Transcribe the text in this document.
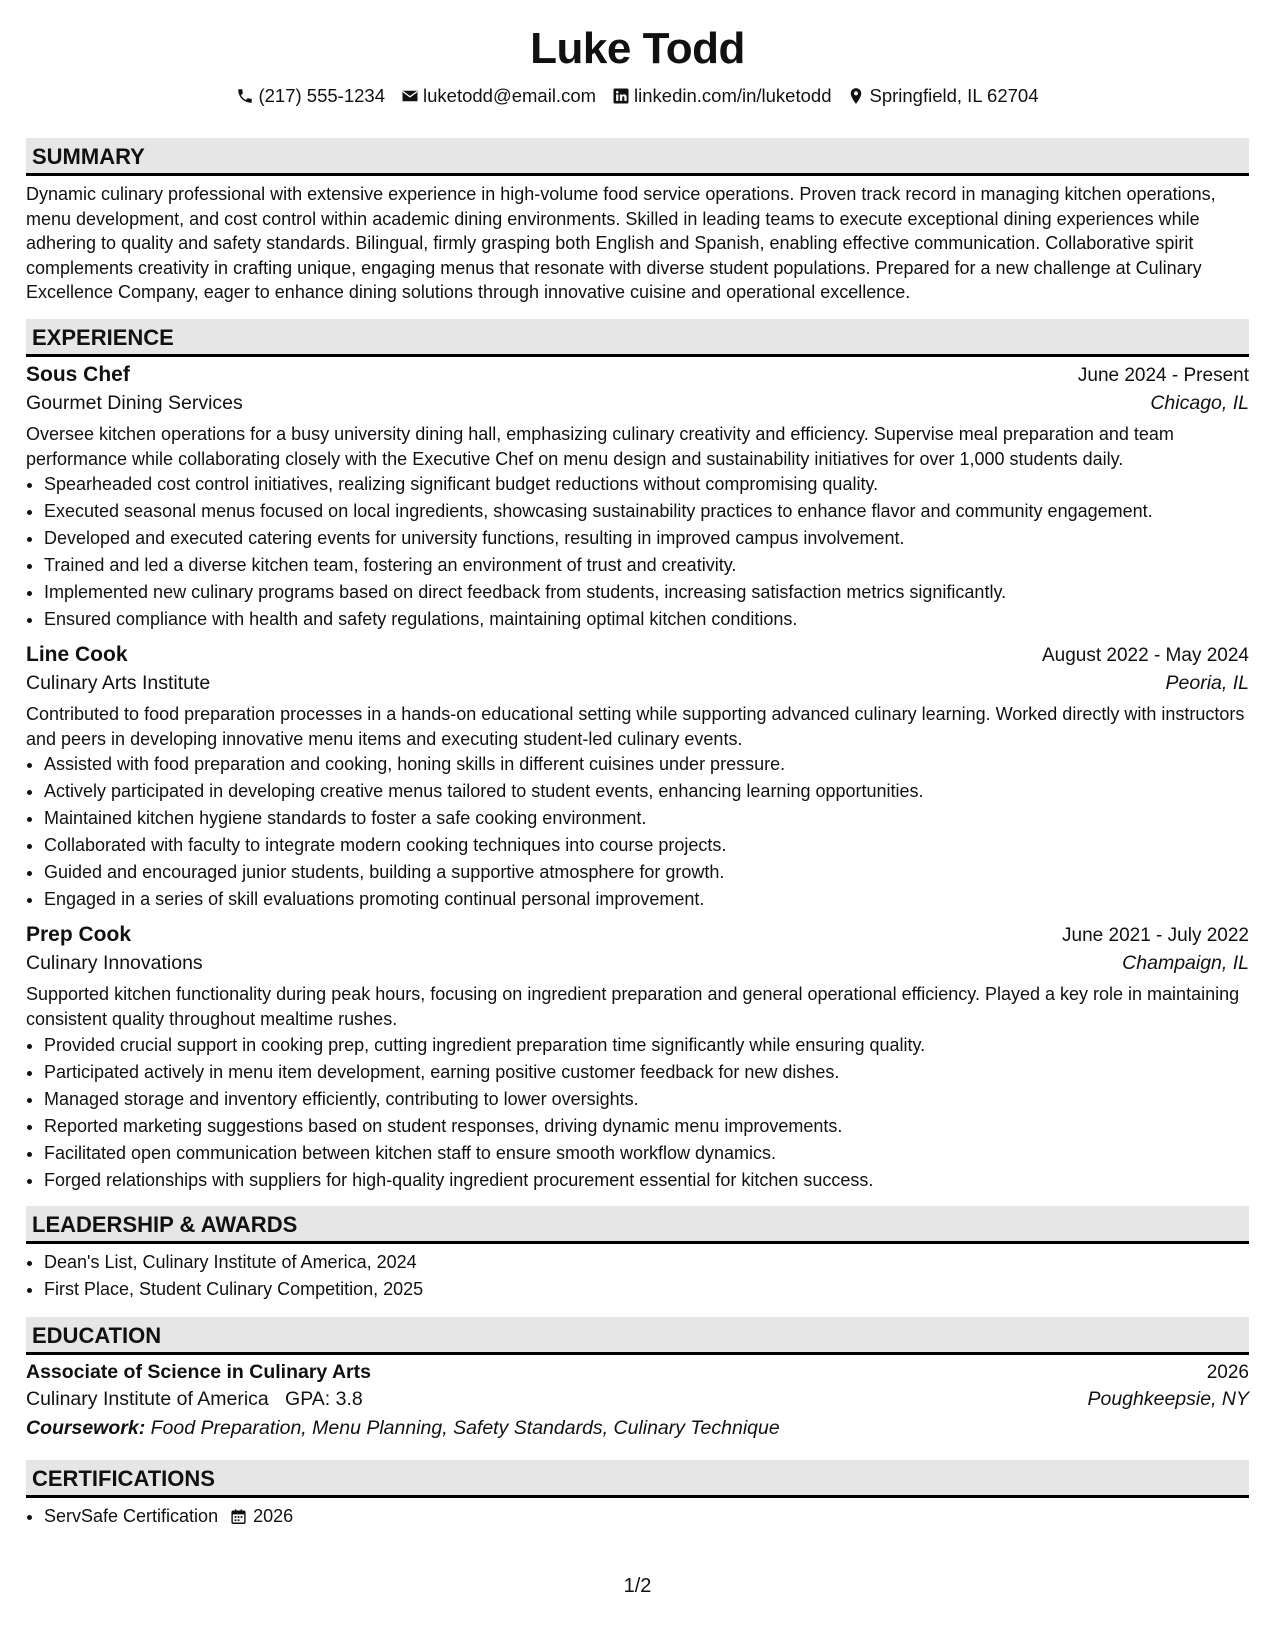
Luke Todd
(217) 555-1234 luketodd@email.com linkedin.com/in/luketodd Springfield, IL 62704
SUMMARY

Dynamic culinary professional with extensive experience in high-volume food service operations. Proven track record in managing kitchen operations, menu development, and cost control within academic dining environments. Skilled in leading teams to execute exceptional dining experiences while adhering to quality and safety standards. Bilingual, firmly grasping both English and Spanish, enabling effective communication. Collaborative spirit complements creativity in crafting unique, engaging menus that resonate with diverse student populations. Prepared for a new challenge at Culinary Excellence Company, eager to enhance dining solutions through innovative cuisine and operational excellence.

EXPERIENCE
Sous Chef	June 2024 - Present
Gourmet Dining Services	Chicago, IL

Oversee kitchen operations for a busy university dining hall, emphasizing culinary creativity and efficiency. Supervise meal preparation and team performance while collaborating closely with the Executive Chef on menu design and sustainability initiatives for over 1,000 students daily.

• Spearheaded cost control initiatives, realizing significant budget reductions without compromising quality.
• Executed seasonal menus focused on local ingredients, showcasing sustainability practices to enhance flavor and community engagement.
• Developed and executed catering events for university functions, resulting in improved campus involvement.
• Trained and led a diverse kitchen team, fostering an environment of trust and creativity.
• Implemented new culinary programs based on direct feedback from students, increasing satisfaction metrics significantly.
• Ensured compliance with health and safety regulations, maintaining optimal kitchen conditions.
Line Cook	August 2022 - May 2024
Culinary Arts Institute	Peoria, IL

Contributed to food preparation processes in a hands-on educational setting while supporting advanced culinary learning. Worked directly with instructors and peers in developing innovative menu items and executing student-led culinary events.

• Assisted with food preparation and cooking, honing skills in different cuisines under pressure.
• Actively participated in developing creative menus tailored to student events, enhancing learning opportunities.
• Maintained kitchen hygiene standards to foster a safe cooking environment.
• Collaborated with faculty to integrate modern cooking techniques into course projects.
• Guided and encouraged junior students, building a supportive atmosphere for growth.
• Engaged in a series of skill evaluations promoting continual personal improvement.
Prep Cook	June 2021 - July 2022
Culinary Innovations	Champaign, IL

Supported kitchen functionality during peak hours, focusing on ingredient preparation and general operational efficiency. Played a key role in maintaining consistent quality throughout mealtime rushes.

• Provided crucial support in cooking prep, cutting ingredient preparation time significantly while ensuring quality.
• Participated actively in menu item development, earning positive customer feedback for new dishes.
• Managed storage and inventory efficiently, contributing to lower oversights.
• Reported marketing suggestions based on student responses, driving dynamic menu improvements.
• Facilitated open communication between kitchen staff to ensure smooth workflow dynamics.
• Forged relationships with suppliers for high-quality ingredient procurement essential for kitchen success.
LEADERSHIP & AWARDS
• Dean's List, Culinary Institute of America, 2024
• First Place, Student Culinary Competition, 2025
EDUCATION
Associate of Science in Culinary Arts	2026
Culinary Institute of America GPA: 3.8	Poughkeepsie, NY
Coursework: Food Preparation, Menu Planning, Safety Standards, Culinary Technique
CERTIFICATIONS
• ServSafe Certification 2026
1/2
